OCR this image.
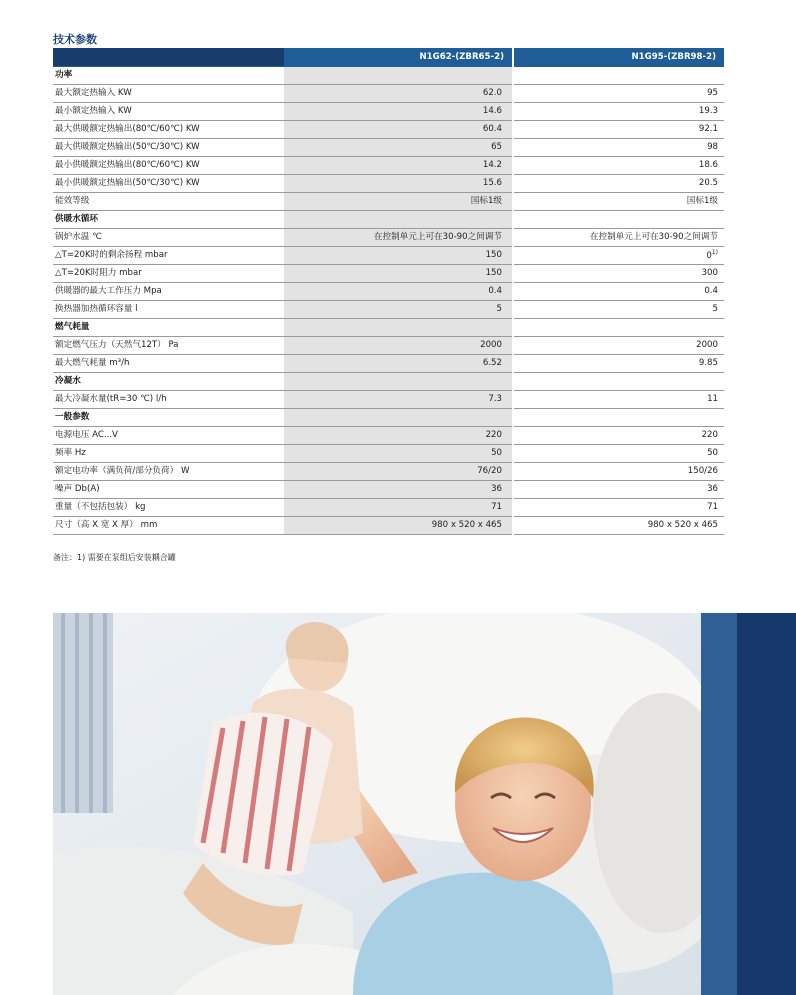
技术参数
	N1G62-(ZBR65-2)	N1G95-(ZBR98-2)
功率		
最大额定热输入 KW	62.0	95
最小额定热输入 KW	14.6	19.3
最大供暖额定热输出(80℃/60℃) KW	60.4	92.1
最大供暖额定热输出(50℃/30℃) KW	65	98
最小供暖额定热输出(80℃/60℃) KW	14.2	18.6
最小供暖额定热输出(50℃/30℃) KW	15.6	20.5
能效等级	国标1级	国标1级
供暖水循环		
锅炉水温 ℃	在控制单元上可在30-90之间调节	在控制单元上可在30-90之间调节
△T=20K时的剩余扬程 mbar	150	0$^{1)}$
△T=20K时阻力 mbar	150	300
供暖器的最大工作压力 Mpa	0.4	0.4
换热器加热循环容量 l	5	5
燃气耗量		
额定燃气压力（天然气12T） Pa	2000	2000
最大燃气耗量 m³/h	6.52	9.85
冷凝水		
最大冷凝水量(tR=30 ℃) l/h	7.3	11
一般参数		
电源电压 AC...V	220	220
频率 Hz	50	50
额定电功率（满负荷/部分负荷） W	76/20	150/26
噪声 Db(A)	36	36
重量（不包括包装） kg	71	71
尺寸（高 X 宽 X 厚） mm	980 x 520 x 465	980 x 520 x 465
备注：1) 需要在泵组后安装耦合罐
